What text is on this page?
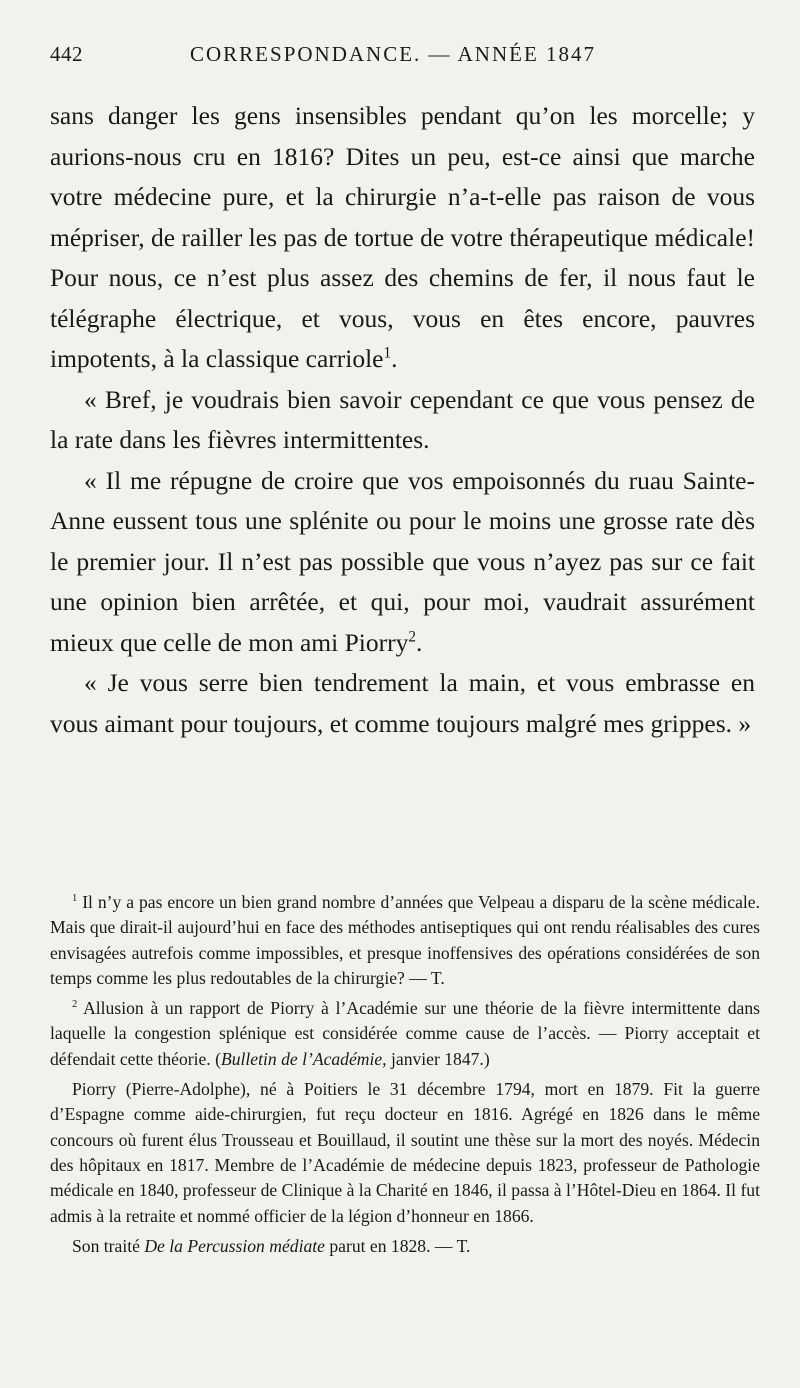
442	CORRESPONDANCE. — ANNÉE 1847

sans danger les gens insensibles pendant qu’on les morcelle; y aurions-nous cru en 1816? Dites un peu, est-ce ainsi que marche votre médecine pure, et la chirurgie n’a-t-elle pas raison de vous mépriser, de railler les pas de tortue de votre thérapeutique médicale! Pour nous, ce n’est plus assez des chemins de fer, il nous faut le télégraphe électrique, et vous, vous en êtes encore, pauvres impotents, à la classique carriole$^1$.

« Bref, je voudrais bien savoir cependant ce que vous pensez de la rate dans les fièvres intermittentes.

« Il me répugne de croire que vos empoisonnés du ruau Sainte-Anne eussent tous une splénite ou pour le moins une grosse rate dès le premier jour. Il n’est pas possible que vous n’ayez pas sur ce fait une opinion bien arrêtée, et qui, pour moi, vaudrait assurément mieux que celle de mon ami Piorry$^2$.

« Je vous serre bien tendrement la main, et vous embrasse en vous aimant pour toujours, et comme toujours malgré mes grippes. »

$^1$ Il n’y a pas encore un bien grand nombre d’années que Velpeau a disparu de la scène médicale. Mais que dirait-il aujourd’hui en face des méthodes antiseptiques qui ont rendu réalisables des cures envisagées autrefois comme impossibles, et presque inoffensives des opérations considérées de son temps comme les plus redoutables de la chirurgie? — T.

$^2$ Allusion à un rapport de Piorry à l’Académie sur une théorie de la fièvre intermittente dans laquelle la congestion splénique est considérée comme cause de l’accès. — Piorry acceptait et défendait cette théorie. (Bulletin de l’Académie, janvier 1847.)

Piorry (Pierre-Adolphe), né à Poitiers le 31 décembre 1794, mort en 1879. Fit la guerre d’Espagne comme aide-chirurgien, fut reçu docteur en 1816. Agrégé en 1826 dans le même concours où furent élus Trousseau et Bouillaud, il soutint une thèse sur la mort des noyés. Médecin des hôpitaux en 1817. Membre de l’Académie de médecine depuis 1823, professeur de Pathologie médicale en 1840, professeur de Clinique à la Charité en 1846, il passa à l’Hôtel-Dieu en 1864. Il fut admis à la retraite et nommé officier de la légion d’honneur en 1866.

Son traité De la Percussion médiate parut en 1828. — T.
